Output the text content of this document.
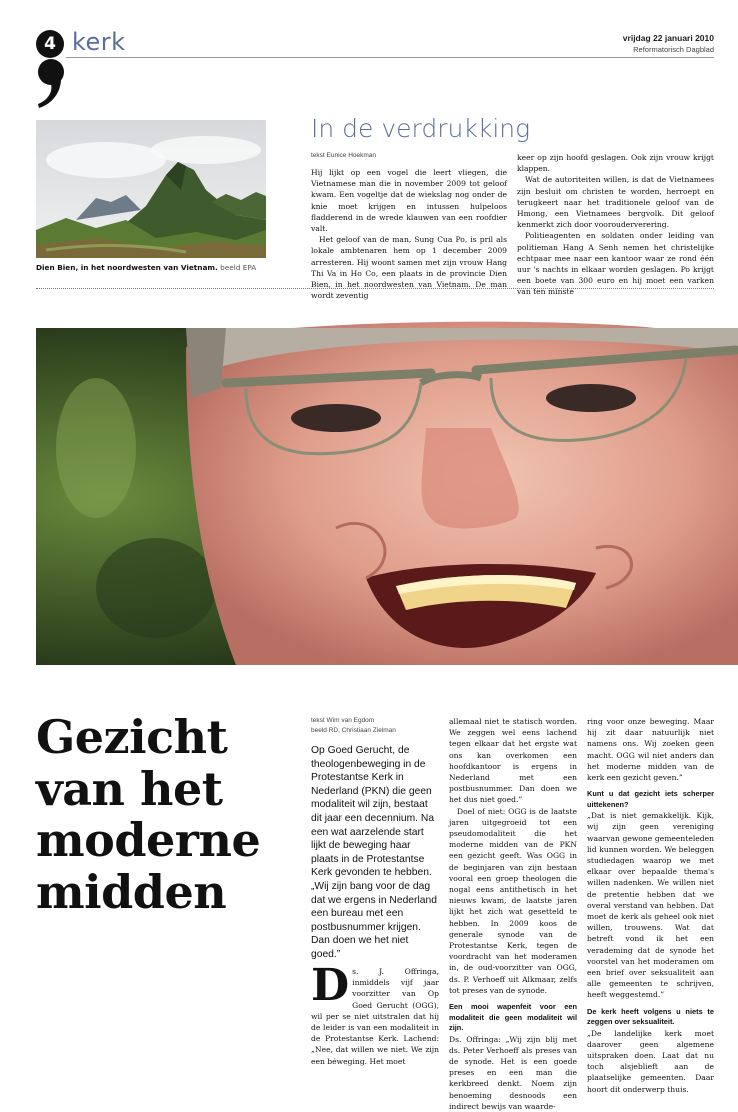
4 kerk	vrijdag 22 januari 2010
Reformatorisch Dagblad
Dien Bien, in het noordwesten van Vietnam. beeld EPA
In de verdrukking
tekst Eunice Hoekman

Hij lijkt op een vogel die leert vliegen, die Vietnamese man die in november 2009 tot geloof kwam. Een vogeltje dat de wiekslag nog onder de knie moet krijgen en intussen hulpeloos fladderend in de wrede klauwen van een roofdier valt.

Het geloof van de man, Sung Cua Po, is pril als lokale ambtenaren hem op 1 december 2009 arresteren. Hij woont samen met zijn vrouw Hang Thi Va in Ho Co, een plaats in de provincie Dien Bien, in het noordwesten van Vietnam. De man wordt zeventig

keer op zijn hoofd geslagen. Ook zijn vrouw krijgt klappen.

Wat de autoriteiten willen, is dat de Vietnamees zijn besluit om christen te worden, herroept en terugkeert naar het traditionele geloof van de Hmong, een Vietnamees bergvolk. Dit geloof kenmerkt zich door voorouderverering.

Politieagenten en soldaten onder leiding van politieman Hang A Senh nemen het christelijke echtpaar mee naar een kantoor waar ze rond één uur 's nachts in elkaar worden geslagen. Po krijgt een boete van 300 euro en hij moet een varken van ten minste

Gezicht van het moderne midden
tekst Wim van Egdom
beeld RD, Christiaan Zielman
Op Goed Gerucht, de theologenbeweging in de Protestantse Kerk in Nederland (PKN) die geen modaliteit wil zijn, bestaat dit jaar een decennium. Na een wat aarzelende start lijkt de beweging haar plaats in de Protestantse Kerk gevonden te hebben. „Wij zijn bang voor de dag dat we ergens in Nederland een bureau met een postbusnummer krijgen. Dan doen we het niet goed.”
D s. J. Offringa, inmiddels vijf jaar voorzitter van Op Goed Gerucht (OGG), wil per se niet uitstralen dat hij de leider is van een modaliteit in de Protestantse Kerk. Lachend: „Nee, dat willen we niet. We zijn een béweging. Het moet

allemaal niet te statisch worden. We zeggen wel eens lachend tegen elkaar dat het ergste wat ons kan overkomen een hoofdkantoor is ergens in Nederland met een postbusnummer. Dan doen we het dus niet goed.”

Doel of niet: OGG is de laatste jaren uitgegroeid tot een pseudomodaliteit die het moderne midden van de PKN een gezicht geeft. Was OGG in de beginjaren van zijn bestaan vooral een groep theologen die nogal eens antithetisch in het nieuws kwam, de laatste jaren lijkt het zich wat gesetteld te hebben. In 2009 koos de generale synode van de Protestantse Kerk, tegen de voordracht van het moderamen in, de oud-voorzitter van OGG, ds. P. Verhoeff uit Alkmaar, zelfs tot preses van de synode.

Een mooi wapenfeit voor een modaliteit die geen modaliteit wil zijn.

Ds. Offringa: „Wij zijn blij met ds. Peter Verhoeff als preses van de synode. Het is een goede preses en een man die kerkbreed denkt. Noem zijn benoeming desnoods een indirect bewijs van waarde-

ring voor onze beweging. Maar hij zit daar natuurlijk niet namens ons. Wij zoeken geen macht. OGG wil niet anders dan het moderne midden van de kerk een gezicht geven.”

Kunt u dat gezicht iets scherper uittekenen?

„Dat is niet gemakkelijk. Kijk, wij zijn geen vereniging waarvan gewone gemeenteleden lid kunnen worden. We beleggen studiedagen waarop we met elkaar over bepaalde thema's willen nadenken. We willen niet de pretentie hebben dat we overal verstand van hebben. Dat moet de kerk als geheel ook niet willen, trouwens. Wat dat betreft vond ik het een verademing dat de synode het voorstel van het moderamen om een brief over seksualiteit aan alle gemeenten te schrijven, heeft weggestemd.”

De kerk heeft volgens u niets te zeggen over seksualiteit.

„De landelijke kerk moet daarover geen algemene uitspraken doen. Laat dat nu toch alsjeblieft aan de plaatselijke gemeenten. Daar hoort dit onderwerp thuis.
